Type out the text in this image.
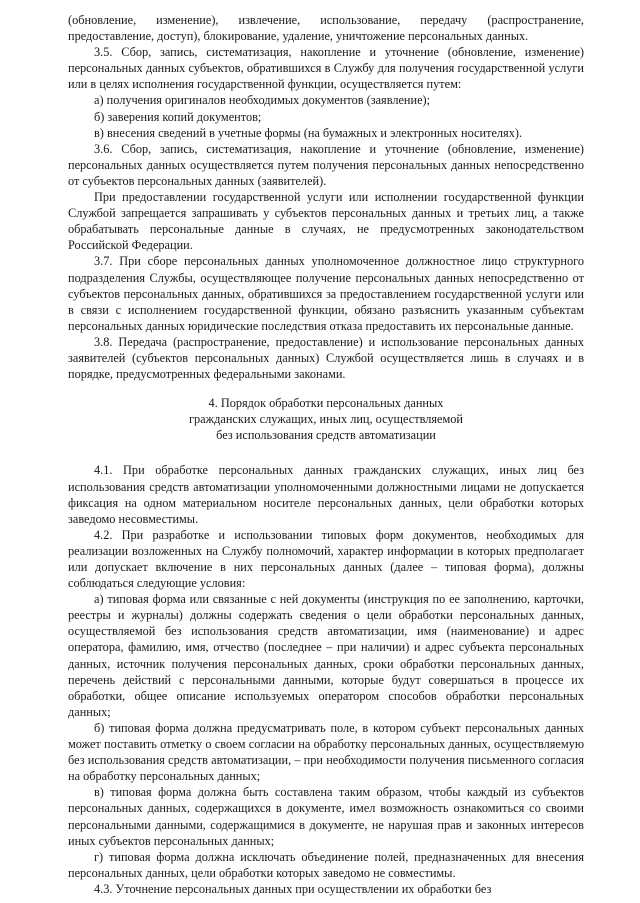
(обновление, изменение), извлечение, использование, передачу (распространение, предоставление, доступ), блокирование, удаление, уничтожение персональных данных.

3.5. Сбор, запись, систематизация, накопление и уточнение (обновление, изменение) персональных данных субъектов, обратившихся в Службу для получения государственной услуги или в целях исполнения государственной функции, осуществляется путем:

а) получения оригиналов необходимых документов (заявление);

б) заверения копий документов;

в) внесения сведений в учетные формы (на бумажных и электронных носителях).

3.6. Сбор, запись, систематизация, накопление и уточнение (обновление, изменение) персональных данных осуществляется путем получения персональных данных непосредственно от субъектов персональных данных (заявителей).

При предоставлении государственной услуги или исполнении государственной функции Службой запрещается запрашивать у субъектов персональных данных и третьих лиц, а также обрабатывать персональные данные в случаях, не предусмотренных законодательством Российской Федерации.

3.7. При сборе персональных данных уполномоченное должностное лицо структурного подразделения Службы, осуществляющее получение персональных данных непосредственно от субъектов персональных данных, обратившихся за предоставлением государственной услуги или в связи с исполнением государственной функции, обязано разъяснить указанным субъектам персональных данных юридические последствия отказа предоставить их персональные данные.

3.8. Передача (распространение, предоставление) и использование персональных данных заявителей (субъектов персональных данных) Службой осуществляется лишь в случаях и в порядке, предусмотренных федеральными законами.

4. Порядок обработки персональных данных

гражданских служащих, иных лиц, осуществляемой

без использования средств автоматизации

4.1. При обработке персональных данных гражданских служащих, иных лиц без использования средств автоматизации уполномоченными должностными лицами не допускается фиксация на одном материальном носителе персональных данных, цели обработки которых заведомо несовместимы.

4.2. При разработке и использовании типовых форм документов, необходимых для реализации возложенных на Службу полномочий, характер информации в которых предполагает или допускает включение в них персональных данных (далее – типовая форма), должны соблюдаться следующие условия:

а) типовая форма или связанные с ней документы (инструкция по ее заполнению, карточки, реестры и журналы) должны содержать сведения о цели обработки персональных данных, осуществляемой без использования средств автоматизации, имя (наименование) и адрес оператора, фамилию, имя, отчество (последнее – при наличии) и адрес субъекта персональных данных, источник получения персональных данных, сроки обработки персональных данных, перечень действий с персональными данными, которые будут совершаться в процессе их обработки, общее описание используемых оператором способов обработки персональных данных;

б) типовая форма должна предусматривать поле, в котором субъект персональных данных может поставить отметку о своем согласии на обработку персональных данных, осуществляемую без использования средств автоматизации, – при необходимости получения письменного согласия на обработку персональных данных;

в) типовая форма должна быть составлена таким образом, чтобы каждый из субъектов персональных данных, содержащихся в документе, имел возможность ознакомиться со своими персональными данными, содержащимися в документе, не нарушая прав и законных интересов иных субъектов персональных данных;

г) типовая форма должна исключать объединение полей, предназначенных для внесения персональных данных, цели обработки которых заведомо не совместимы.

4.3. Уточнение персональных данных при осуществлении их обработки без
